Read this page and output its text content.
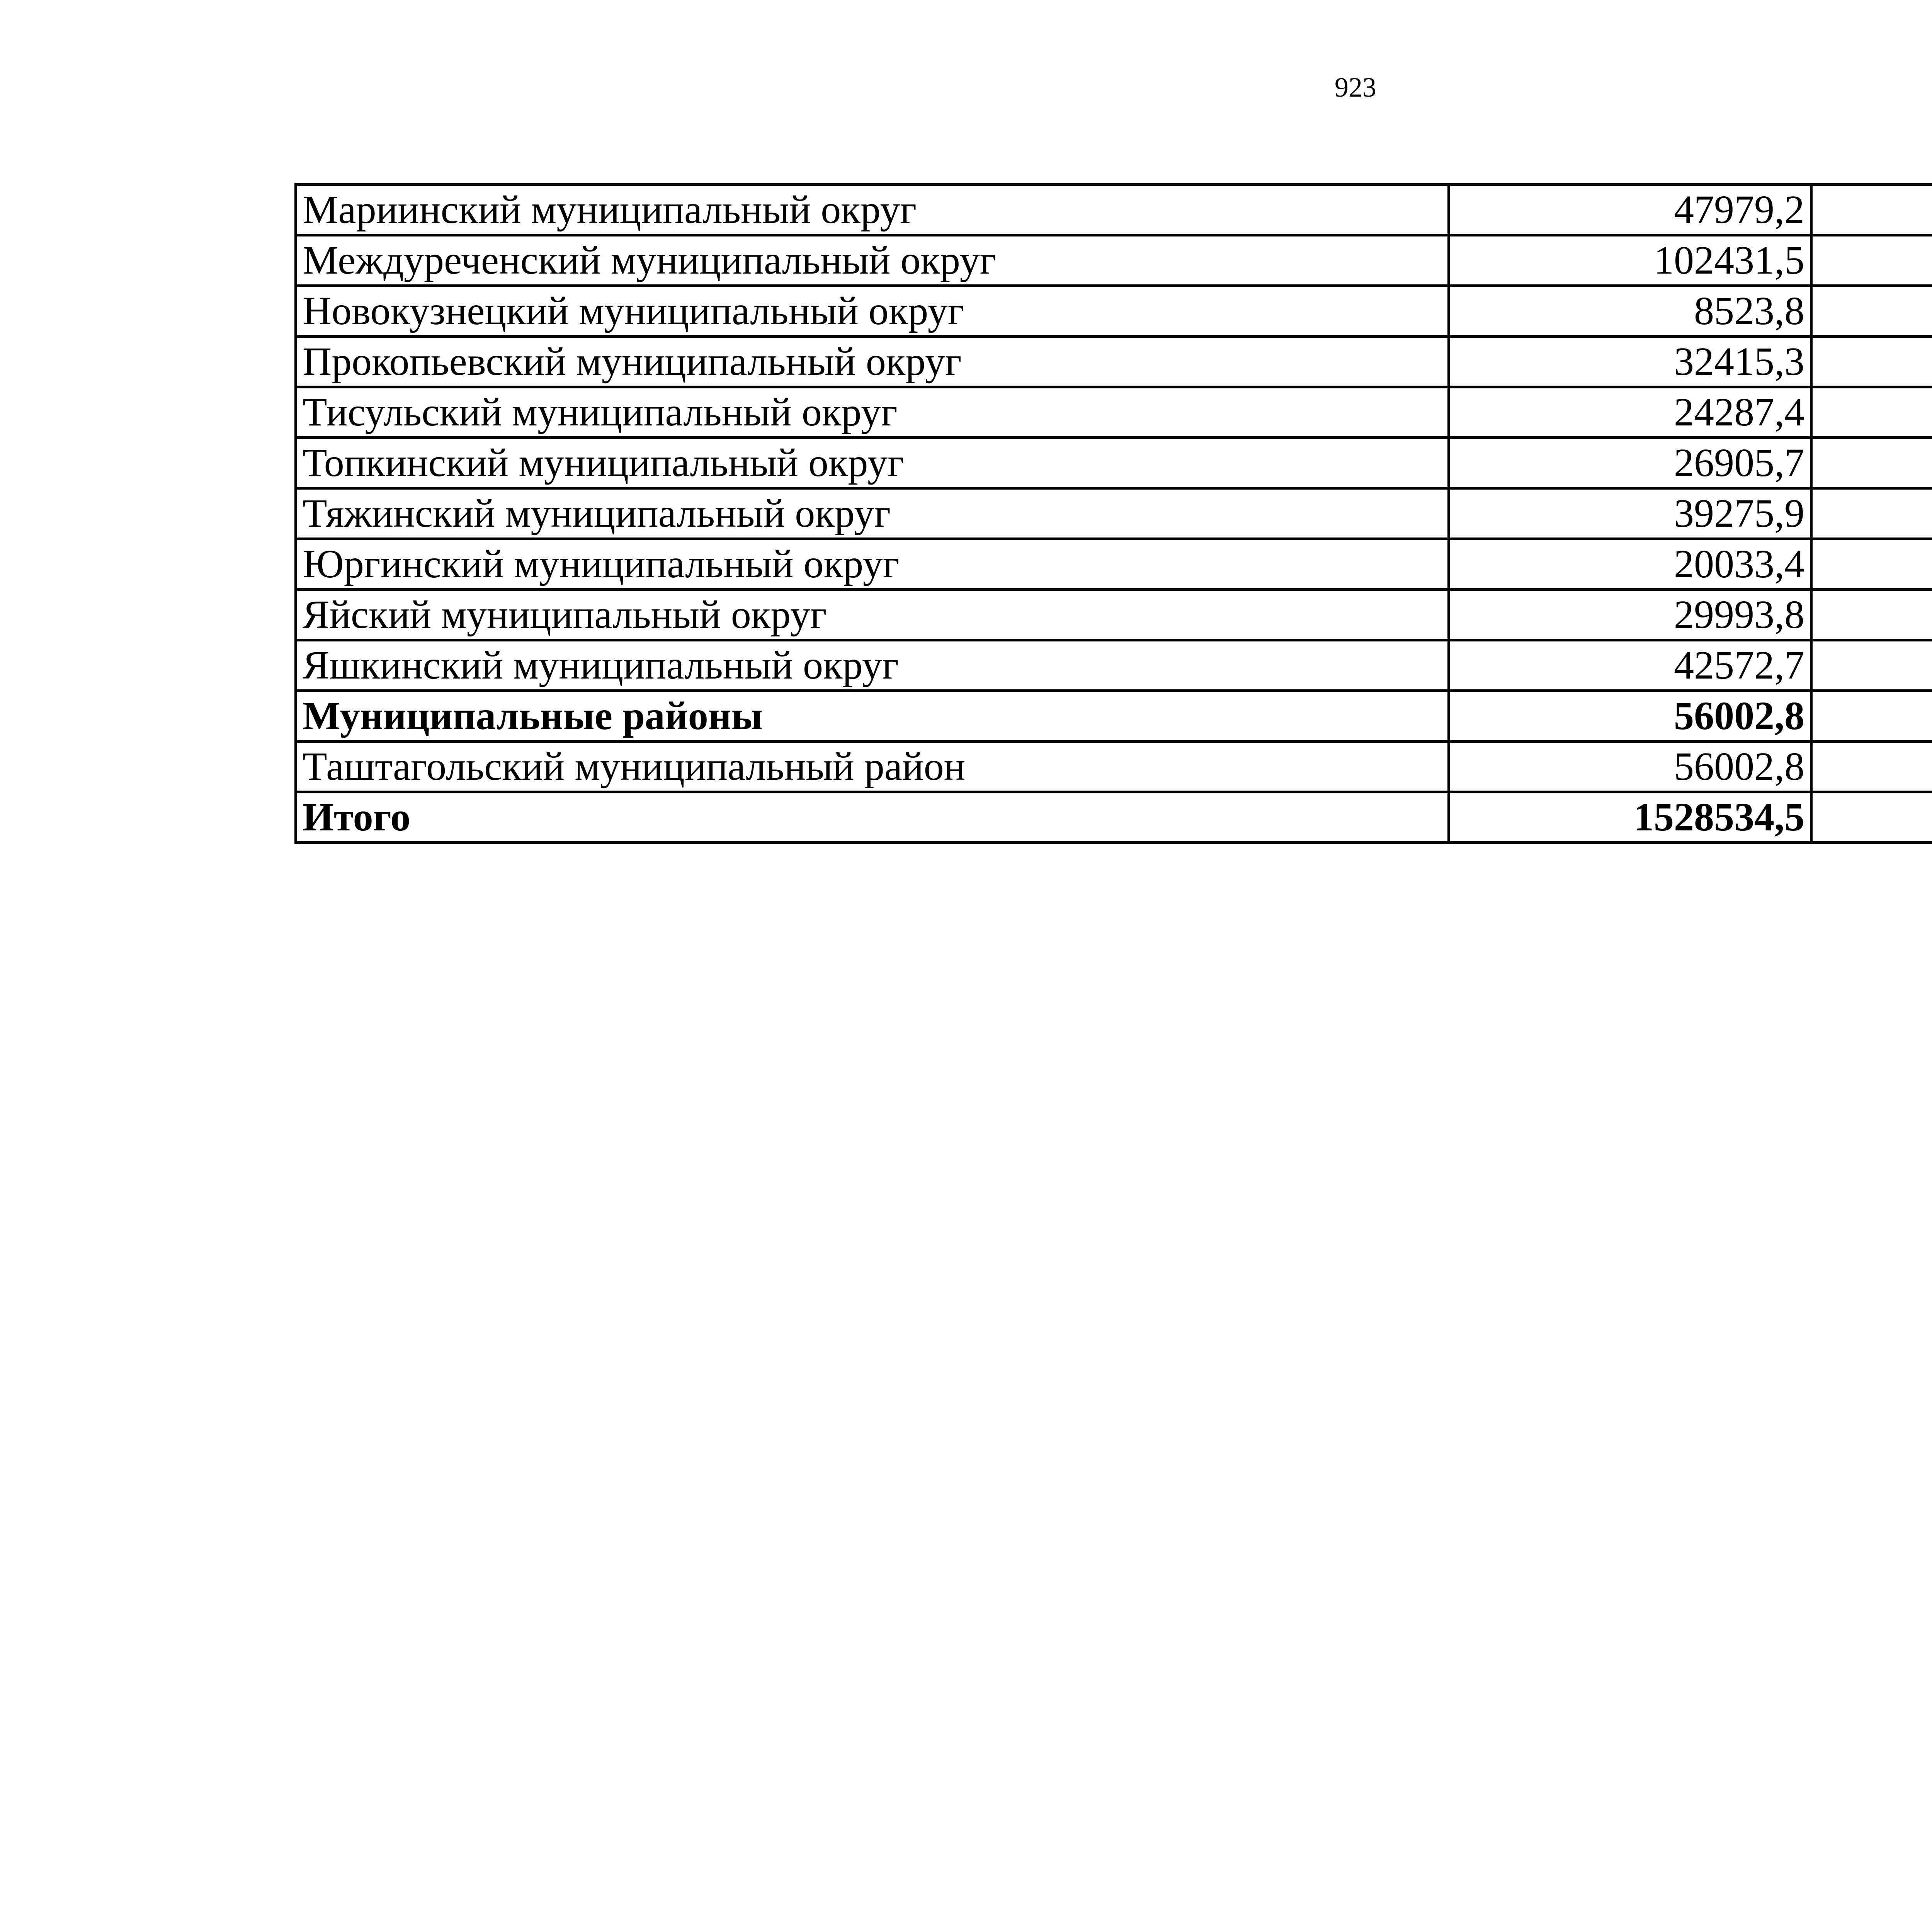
923
Мариинский муниципальный округ	47979,2		
Междуреченский муниципальный округ	102431,5		
Новокузнецкий муниципальный округ	8523,8		
Прокопьевский муниципальный округ	32415,3		
Тисульский муниципальный округ	24287,4		
Топкинский муниципальный округ	26905,7		
Тяжинский муниципальный округ	39275,9		
Юргинский муниципальный округ	20033,4		
Яйский муниципальный округ	29993,8		
Яшкинский муниципальный округ	42572,7		
Муниципальные районы	56002,8		
Таштагольский муниципальный район	56002,8		
Итого	1528534,5		
